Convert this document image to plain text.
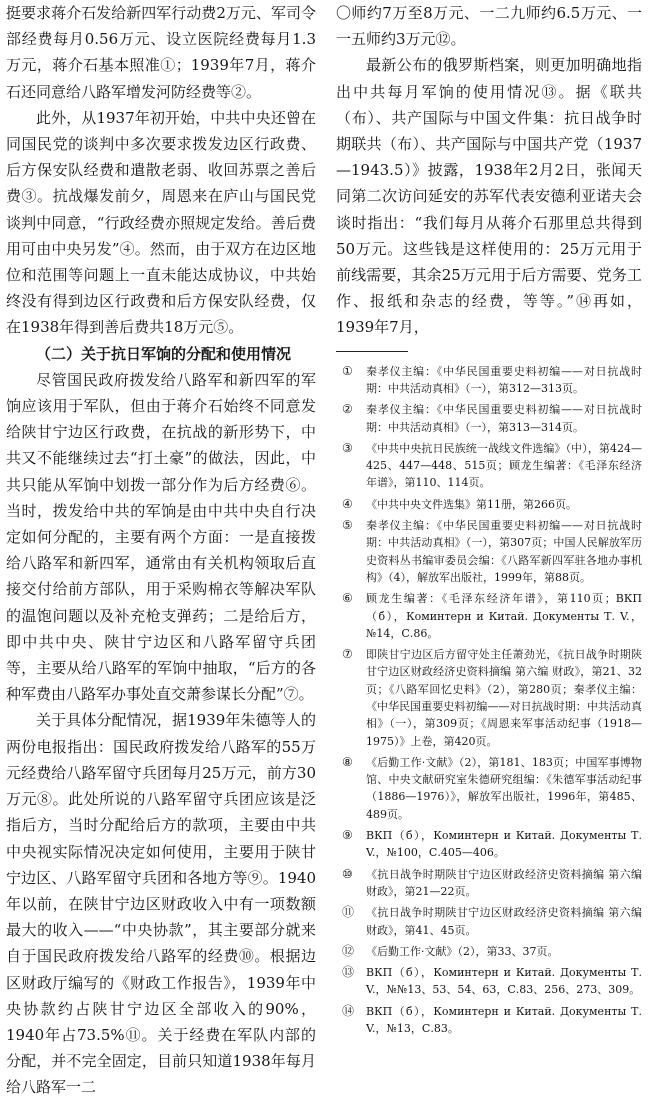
挺要求蒋介石发给新四军行动费2万元、军司令部经费每月0.56万元、设立医院经费每月1.3万元，蒋介石基本照准①；1939年7月，蒋介石还同意给八路军增发河防经费等②。

此外，从1937年初开始，中共中央还曾在同国民党的谈判中多次要求拨发边区行政费、后方保安队经费和遣散老弱、收回苏票之善后费③。抗战爆发前夕，周恩来在庐山与国民党谈判中同意，“行政经费亦照规定发给。善后费用可由中央另发”④。然而，由于双方在边区地位和范围等问题上一直未能达成协议，中共始终没有得到边区行政费和后方保安队经费，仅在1938年得到善后费共18万元⑤。

（二）关于抗日军饷的分配和使用情况

尽管国民政府拨发给八路军和新四军的军饷应该用于军队，但由于蒋介石始终不同意发给陕甘宁边区行政费，在抗战的新形势下，中共又不能继续过去“打土豪”的做法，因此，中共只能从军饷中划拨一部分作为后方经费⑥。当时，拨发给中共的军饷是由中共中央自行决定如何分配的，主要有两个方面：一是直接拨给八路军和新四军，通常由有关机构领取后直接交付给前方部队，用于采购棉衣等解决军队的温饱问题以及补充枪支弹药；二是给后方，即中共中央、陕甘宁边区和八路军留守兵团等，主要从给八路军的军饷中抽取，“后方的各种军费由八路军办事处直交萧参谋长分配”⑦。

关于具体分配情况，据1939年朱德等人的两份电报指出：国民政府拨发给八路军的55万元经费给八路军留守兵团每月25万元，前方30万元⑧。此处所说的八路军留守兵团应该是泛指后方，当时分配给后方的款项，主要由中共中央视实际情况决定如何使用，主要用于陕甘宁边区、八路军留守兵团和各地方等⑨。1940年以前，在陕甘宁边区财政收入中有一项数额最大的收入——“中央协款”，其主要部分就来自于国民政府拨发给八路军的经费⑩。根据边区财政厅编写的《财政工作报告》，1939年中央协款约占陕甘宁边区全部收入的90%，1940年占73.5%⑪。关于经费在军队内部的分配，并不完全固定，目前只知道1938年每月给八路军一二

〇师约7万至8万元、一二九师约6.5万元、一一五师约3万元⑫。

最新公布的俄罗斯档案，则更加明确地指出中共每月军饷的使用情况⑬。据《联共（布）、共产国际与中国文件集：抗日战争时期联共（布）、共产国际与中国共产党（1937—1943.5）》披露，1938年2月2日，张闻天同第二次访问延安的苏军代表安德利亚诺夫会谈时指出：“我们每月从蒋介石那里总共得到50万元。这些钱是这样使用的：25万元用于前线需要，其余25万元用于后方需要、党务工作、报纸和杂志的经费，等等。”⑭再如，1939年7月，

①	秦孝仪主编：《中华民国重要史料初编——对日抗战时期：中共活动真相》（一），第312—313页。
②	秦孝仪主编：《中华民国重要史料初编——对日抗战时期：中共活动真相》（一），第313—314页。
③	《中共中央抗日民族统一战线文件选编》（中），第424—425、447—448、515页；顾龙生编著：《毛泽东经济年谱》，第110、114页。
④	《中共中央文件选集》第11册，第266页。
⑤	秦孝仪主编：《中华民国重要史料初编——对日抗战时期：中共活动真相》（一），第307页；中国人民解放军历史资料丛书编审委员会编：《八路军新四军驻各地办事机构》（4），解放军出版社，1999年，第88页。
⑥	顾龙生编著：《毛泽东经济年谱》，第110页；ВКП（б），Коминтерн и Китай. Документы Т. V.，№14，С.86。
⑦	即陕甘宁边区后方留守处主任萧劲光，《抗日战争时期陕甘宁边区财政经济史资料摘编 第六编 财政》，第21、32页；《八路军回忆史料》（2），第280页；秦孝仪主编：《中华民国重要史料初编——对日抗战时期：中共活动真相》（一），第309页；《周恩来军事活动纪事（1918—1975）》上卷，第420页。
⑧	《后勤工作·文献》（2），第181、183页；中国军事博物馆、中央文献研究室朱德研究组编：《朱德军事活动纪事（1886—1976）》，解放军出版社，1996年，第485、489页。
⑨	ВКП（б），Коминтерн и Китай. Документы Т. V.，№100，С.405—406。
⑩	《抗日战争时期陕甘宁边区财政经济史资料摘编 第六编 财政》，第21—22页。
⑪	《抗日战争时期陕甘宁边区财政经济史资料摘编 第六编 财政》，第41、45页。
⑫	《后勤工作·文献》（2），第33、37页。
⑬	ВКП（б），Коминтерн и Китай. Документы Т. V.，№№13、53、54、63，С.83、256、273、309。
⑭	ВКП（б），Коминтерн и Китай. Документы Т. V.，№13，С.83。
